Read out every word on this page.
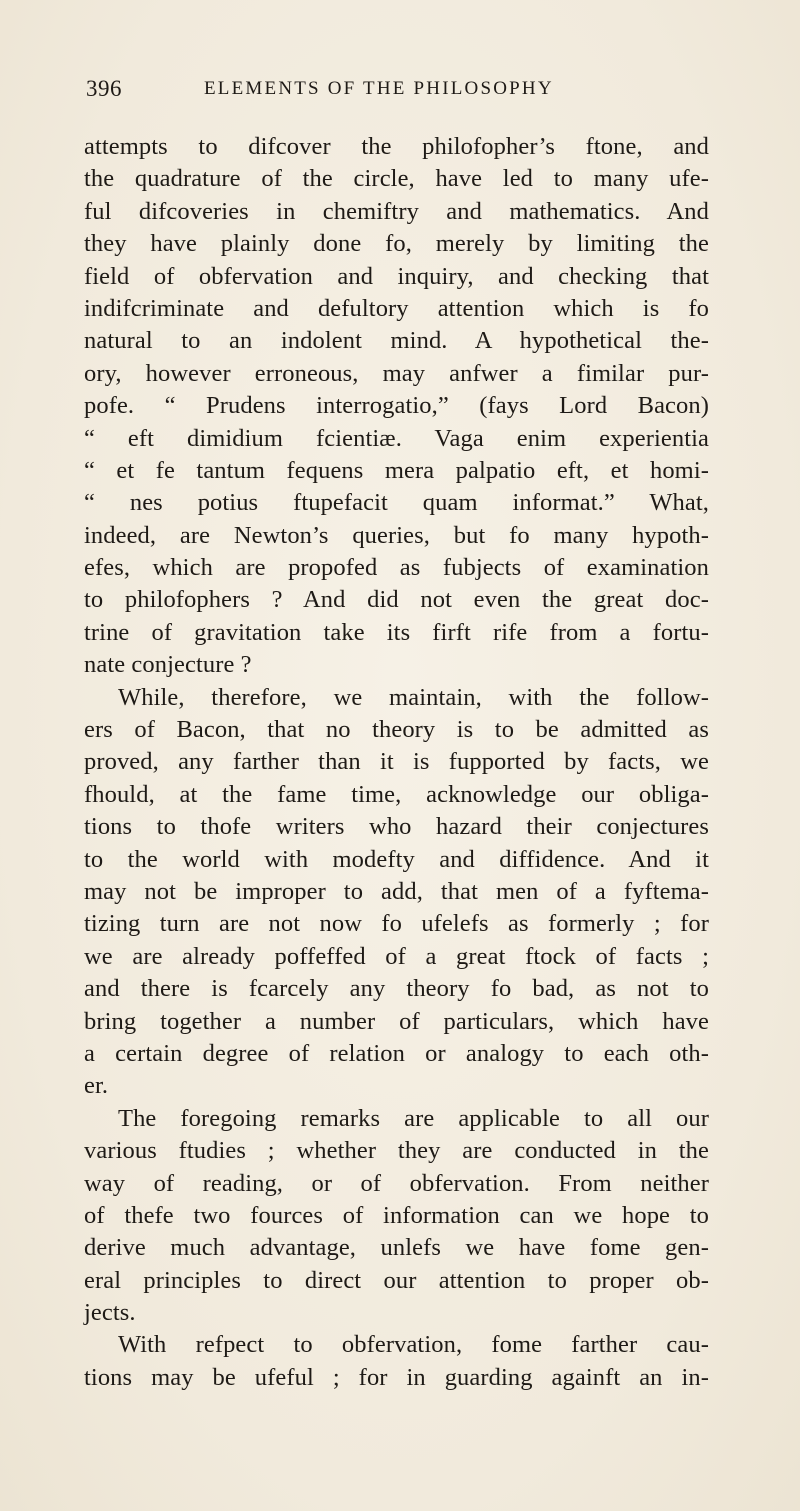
396	ELEMENTS OF THE PHILOSOPHY
attempts to difcover the philofopher’s ftone, and
the quadrature of the circle, have led to many ufe-
ful difcoveries in chemiftry and mathematics. And
they have plainly done fo, merely by limiting the
field of obfervation and inquiry, and checking that
indifcriminate and defultory attention which is fo
natural to an indolent mind. A hypothetical the-
ory, however erroneous, may anfwer a fimilar pur-
pofe. “ Prudens interrogatio,” (fays Lord Bacon)
“ eft dimidium fcientiæ. Vaga enim experientia
“ et fe tantum fequens mera palpatio eft, et homi-
“ nes potius ftupefacit quam informat.” What,
indeed, are Newton’s queries, but fo many hypoth-
efes, which are propofed as fubjects of examination
to philofophers ? And did not even the great doc-
trine of gravitation take its firft rife from a fortu-
nate conjecture ?
While, therefore, we maintain, with the follow-
ers of Bacon, that no theory is to be admitted as
proved, any farther than it is fupported by facts, we
fhould, at the fame time, acknowledge our obliga-
tions to thofe writers who hazard their conjectures
to the world with modefty and diffidence. And it
may not be improper to add, that men of a fyftema-
tizing turn are not now fo ufelefs as formerly ; for
we are already poffeffed of a great ftock of facts ;
and there is fcarcely any theory fo bad, as not to
bring together a number of particulars, which have
a certain degree of relation or analogy to each oth-
er.
The foregoing remarks are applicable to all our
various ftudies ; whether they are conducted in the
way of reading, or of obfervation. From neither
of thefe two fources of information can we hope to
derive much advantage, unlefs we have fome gen-
eral principles to direct our attention to proper ob-
jects.
With refpect to obfervation, fome farther cau-
tions may be ufeful ; for in guarding againft an in-
